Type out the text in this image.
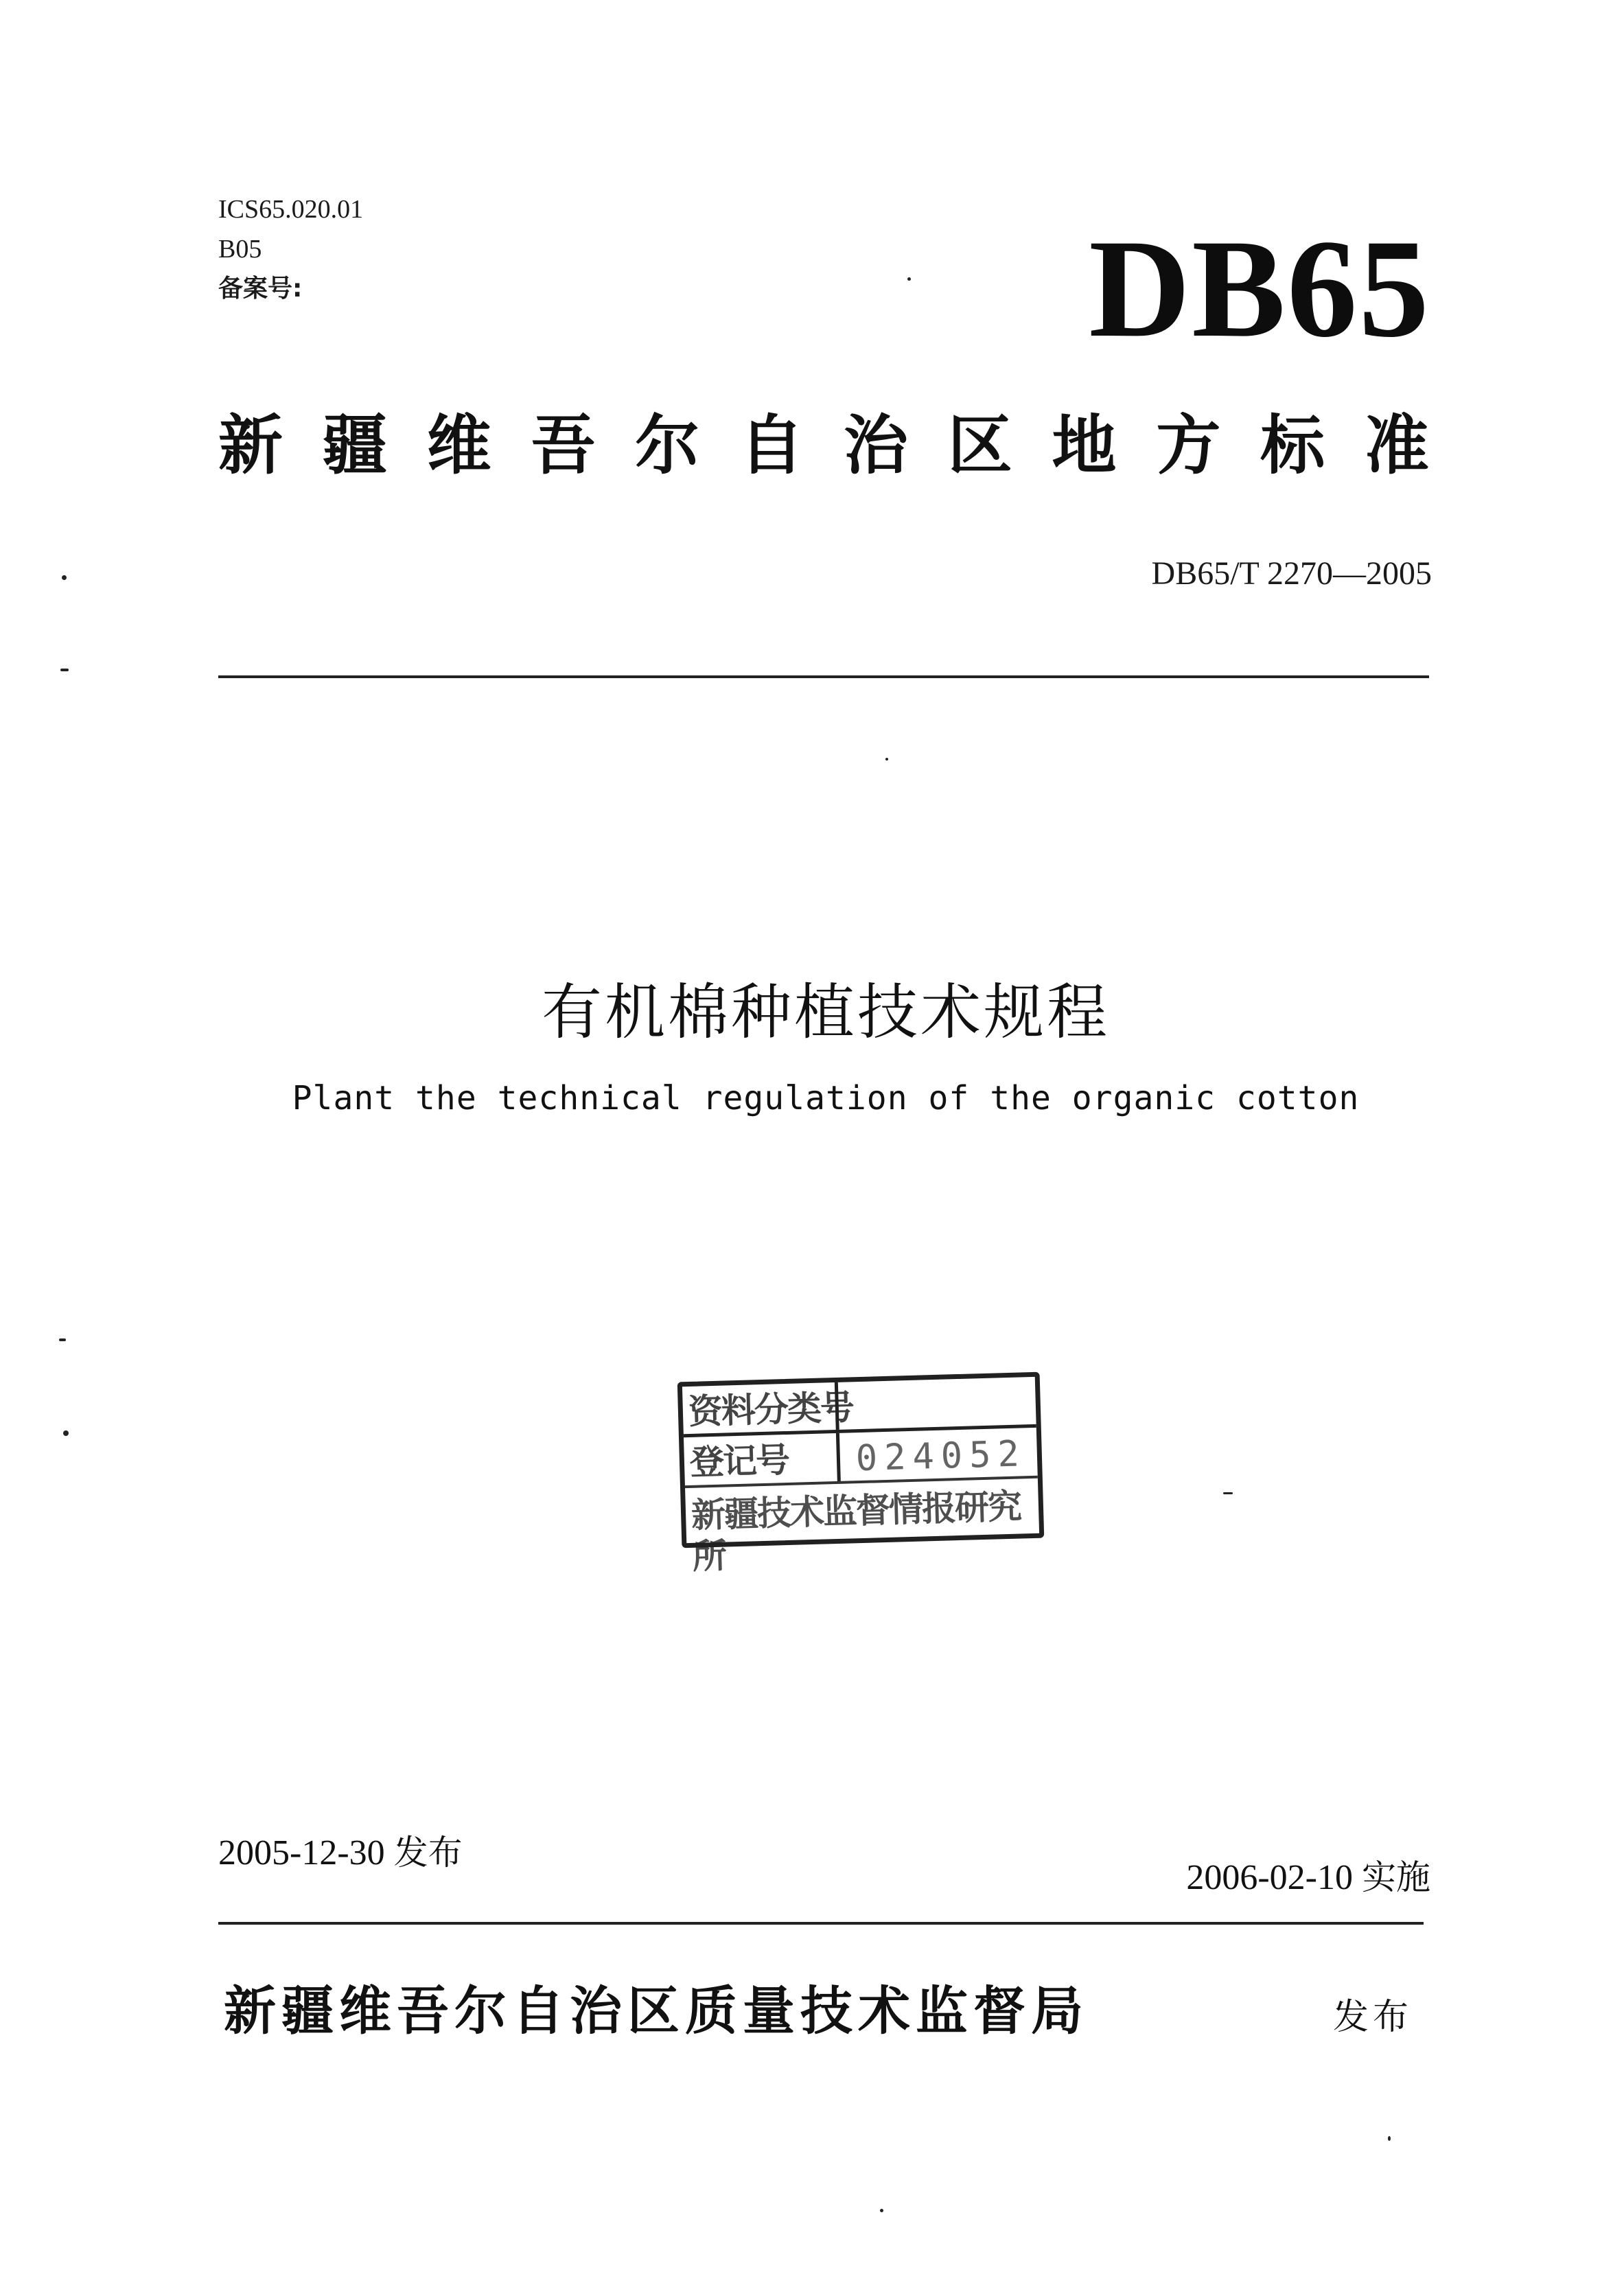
ICS65.020.01
B05
备案号:	DB65
新 疆 维 吾 尔 自 治 区 地 方 标 准
DB65/T 2270—2005
有机棉种植技术规程
Plant the technical regulation of the organic cotton
资料分类号
登记号 024052
新疆技术监督情报研究所
2005-12-30 发布
2006-02-10 实施
新疆维吾尔自治区质量技术监督局	发布
